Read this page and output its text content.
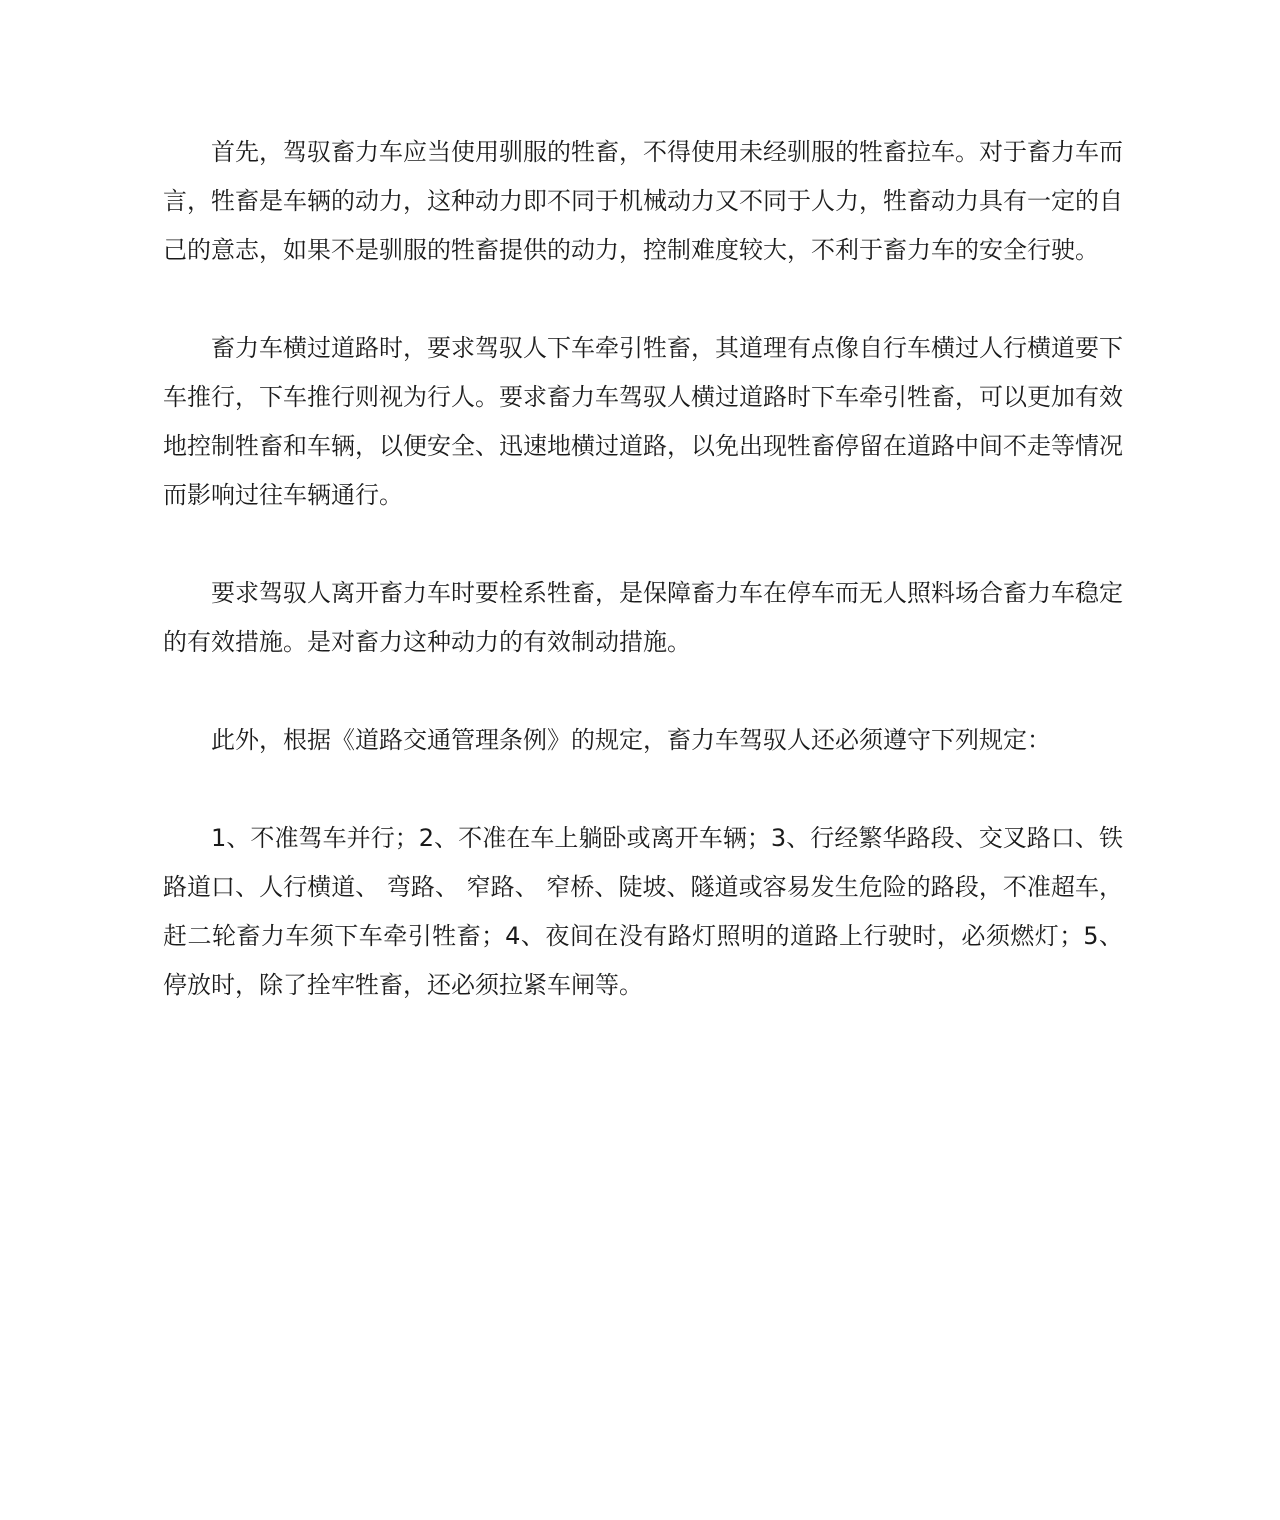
首先，驾驭畜力车应当使用驯服的牲畜，不得使用未经驯服的牲畜拉车。对于畜力车而言，牲畜是车辆的动力，这种动力即不同于机械动力又不同于人力，牲畜动力具有一定的自己的意志，如果不是驯服的牲畜提供的动力，控制难度较大，不利于畜力车的安全行驶。

畜力车横过道路时，要求驾驭人下车牵引牲畜，其道理有点像自行车横过人行横道要下车推行，下车推行则视为行人。要求畜力车驾驭人横过道路时下车牵引牲畜，可以更加有效地控制牲畜和车辆，以便安全、迅速地横过道路，以免出现牲畜停留在道路中间不走等情况而影响过往车辆通行。

要求驾驭人离开畜力车时要栓系牲畜，是保障畜力车在停车而无人照料场合畜力车稳定的有效措施。是对畜力这种动力的有效制动措施。

此外，根据《道路交通管理条例》的规定，畜力车驾驭人还必须遵守下列规定：

1、不准驾车并行；2、不准在车上躺卧或离开车辆；3、行经繁华路段、交叉路口、铁路道口、人行横道、 弯路、 窄路、 窄桥、陡坡、隧道或容易发生危险的路段，不准超车，赶二轮畜力车须下车牵引牲畜；4、夜间在没有路灯照明的道路上行驶时，必须燃灯；5、停放时，除了拴牢牲畜，还必须拉紧车闸等。
